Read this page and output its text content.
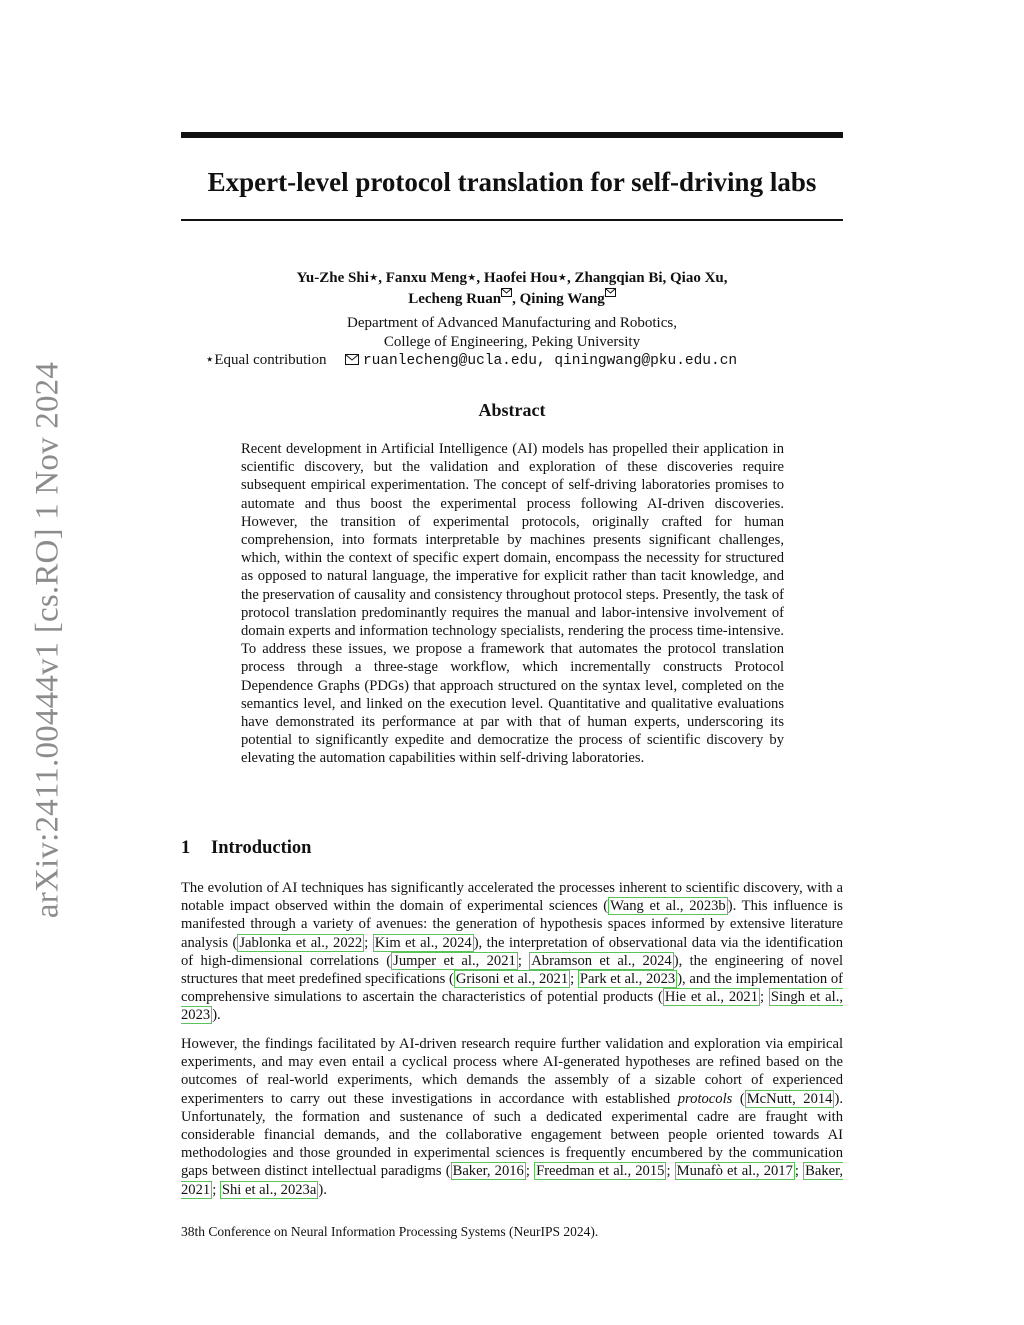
arXiv:2411.00444v1 [cs.RO] 1 Nov 2024
Expert-level protocol translation for self-driving labs
Yu-Zhe Shi⋆, Fanxu Meng⋆, Haofei Hou⋆, Zhangqian Bi, Qiao Xu,
Lecheng Ruan , Qining Wang
Department of Advanced Manufacturing and Robotics,
College of Engineering, Peking University
⋆Equal contribution	ruanlecheng@ucla.edu, qiningwang@pku.edu.cn
Abstract

Recent development in Artificial Intelligence (AI) models has propelled their application in scientific discovery, but the validation and exploration of these discoveries require subsequent empirical experimentation. The concept of self-driving laboratories promises to automate and thus boost the experimental process following AI-driven discoveries. However, the transition of experimental protocols, originally crafted for human comprehension, into formats interpretable by machines presents significant challenges, which, within the context of specific expert domain, encompass the necessity for structured as opposed to natural language, the imperative for explicit rather than tacit knowledge, and the preservation of causality and consistency throughout protocol steps. Presently, the task of protocol translation predominantly requires the manual and labor-intensive involvement of domain experts and information technology specialists, rendering the process time-intensive. To address these issues, we propose a framework that automates the protocol translation process through a three-stage workflow, which incrementally constructs Protocol Dependence Graphs (PDGs) that approach structured on the syntax level, completed on the semantics level, and linked on the execution level. Quantitative and qualitative evaluations have demonstrated its performance at par with that of human experts, underscoring its potential to significantly expedite and democratize the process of scientific discovery by elevating the automation capabilities within self-driving laboratories.

1 Introduction

The evolution of AI techniques has significantly accelerated the processes inherent to scientific discovery, with a notable impact observed within the domain of experimental sciences ( Wang et al., 2023b ). This influence is manifested through a variety of avenues: the generation of hypothesis spaces informed by extensive literature analysis ( Jablonka et al., 2022 ; Kim et al., 2024 ), the interpretation of observational data via the identification of high-dimensional correlations ( Jumper et al., 2021 ; Abramson et al., 2024 ), the engineering of novel structures that meet predefined specifications ( Grisoni et al., 2021 ; Park et al., 2023 ), and the implementation of comprehensive simulations to ascertain the characteristics of potential products ( Hie et al., 2021 ; Singh et al., 2023 ).

However, the findings facilitated by AI-driven research require further validation and exploration via empirical experiments, and may even entail a cyclical process where AI-generated hypotheses are refined based on the outcomes of real-world experiments, which demands the assembly of a sizable cohort of experienced experimenters to carry out these investigations in accordance with established protocols ( McNutt, 2014 ). Unfortunately, the formation and sustenance of such a dedicated experimental cadre are fraught with considerable financial demands, and the collaborative engagement between people oriented towards AI methodologies and those grounded in experimental sciences is frequently encumbered by the communication gaps between distinct intellectual paradigms ( Baker, 2016 ; Freedman et al., 2015 ; Munafò et al., 2017 ; Baker, 2021 ; Shi et al., 2023a ).

38th Conference on Neural Information Processing Systems (NeurIPS 2024).
